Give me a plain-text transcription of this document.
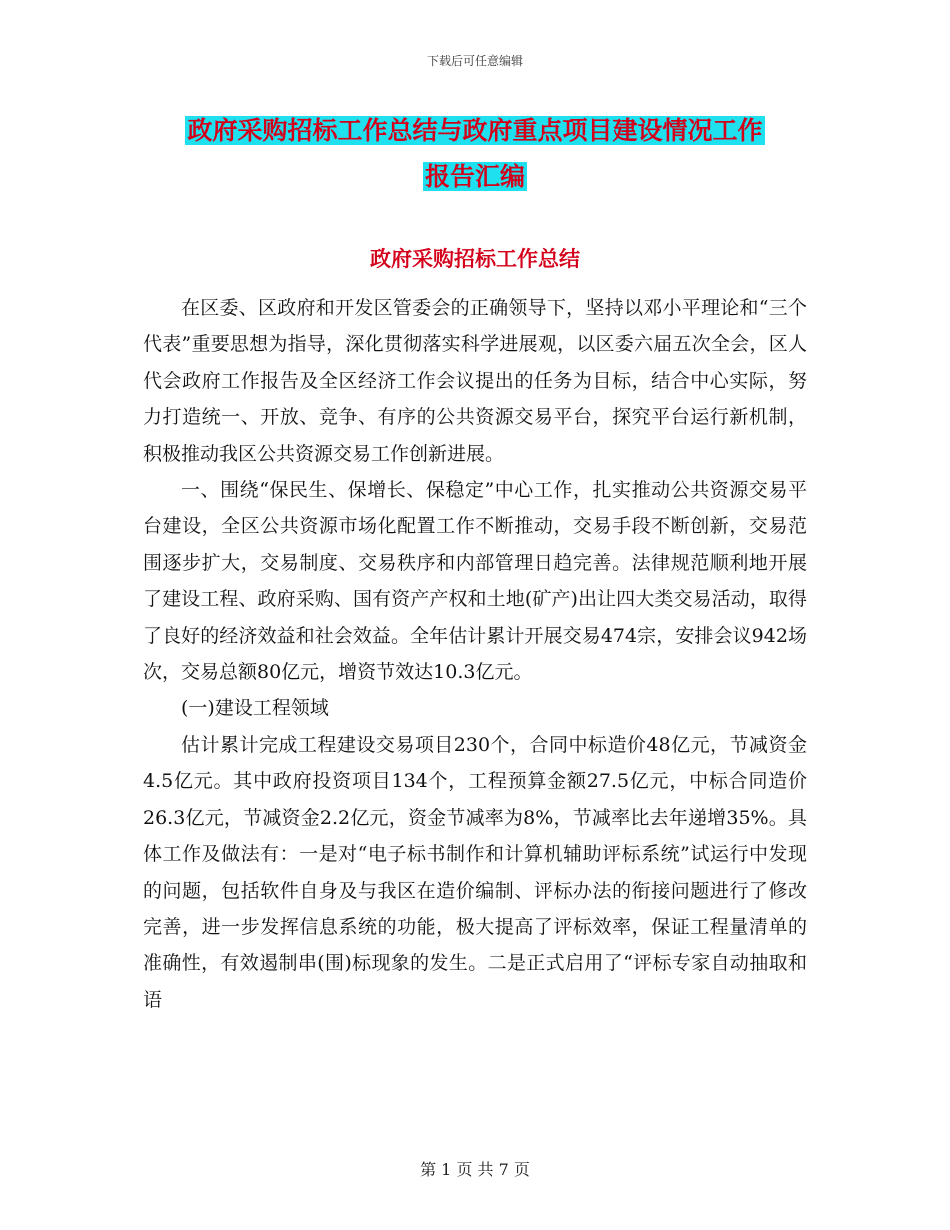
下载后可任意编辑
政府采购招标工作总结与政府重点项目建设情况工作
报告汇编
政府采购招标工作总结

在区委、区政府和开发区管委会的正确领导下，坚持以邓小平理论和“三个代表”重要思想为指导，深化贯彻落实科学进展观，以区委六届五次全会，区人代会政府工作报告及全区经济工作会议提出的任务为目标，结合中心实际，努力打造统一、开放、竞争、有序的公共资源交易平台，探究平台运行新机制，积极推动我区公共资源交易工作创新进展。

一、围绕“保民生、保增长、保稳定”中心工作，扎实推动公共资源交易平台建设，全区公共资源市场化配置工作不断推动，交易手段不断创新，交易范围逐步扩大，交易制度、交易秩序和内部管理日趋完善。法律规范顺利地开展了建设工程、政府采购、国有资产产权和土地(矿产)出让四大类交易活动，取得了良好的经济效益和社会效益。全年估计累计开展交易474宗，安排会议942场次，交易总额80亿元，增资节效达10.3亿元。

(一)建设工程领域

估计累计完成工程建设交易项目230个，合同中标造价48亿元，节减资金4.5亿元。其中政府投资项目134个，工程预算金额27.5亿元，中标合同造价26.3亿元，节减资金2.2亿元，资金节减率为8%，节减率比去年递增35%。具体工作及做法有：一是对“电子标书制作和计算机辅助评标系统”试运行中发现的问题，包括软件自身及与我区在造价编制、评标办法的衔接问题进行了修改完善，进一步发挥信息系统的功能，极大提高了评标效率，保证工程量清单的准确性，有效遏制串(围)标现象的发生。二是正式启用了“评标专家自动抽取和语

第 1 页 共 7 页
